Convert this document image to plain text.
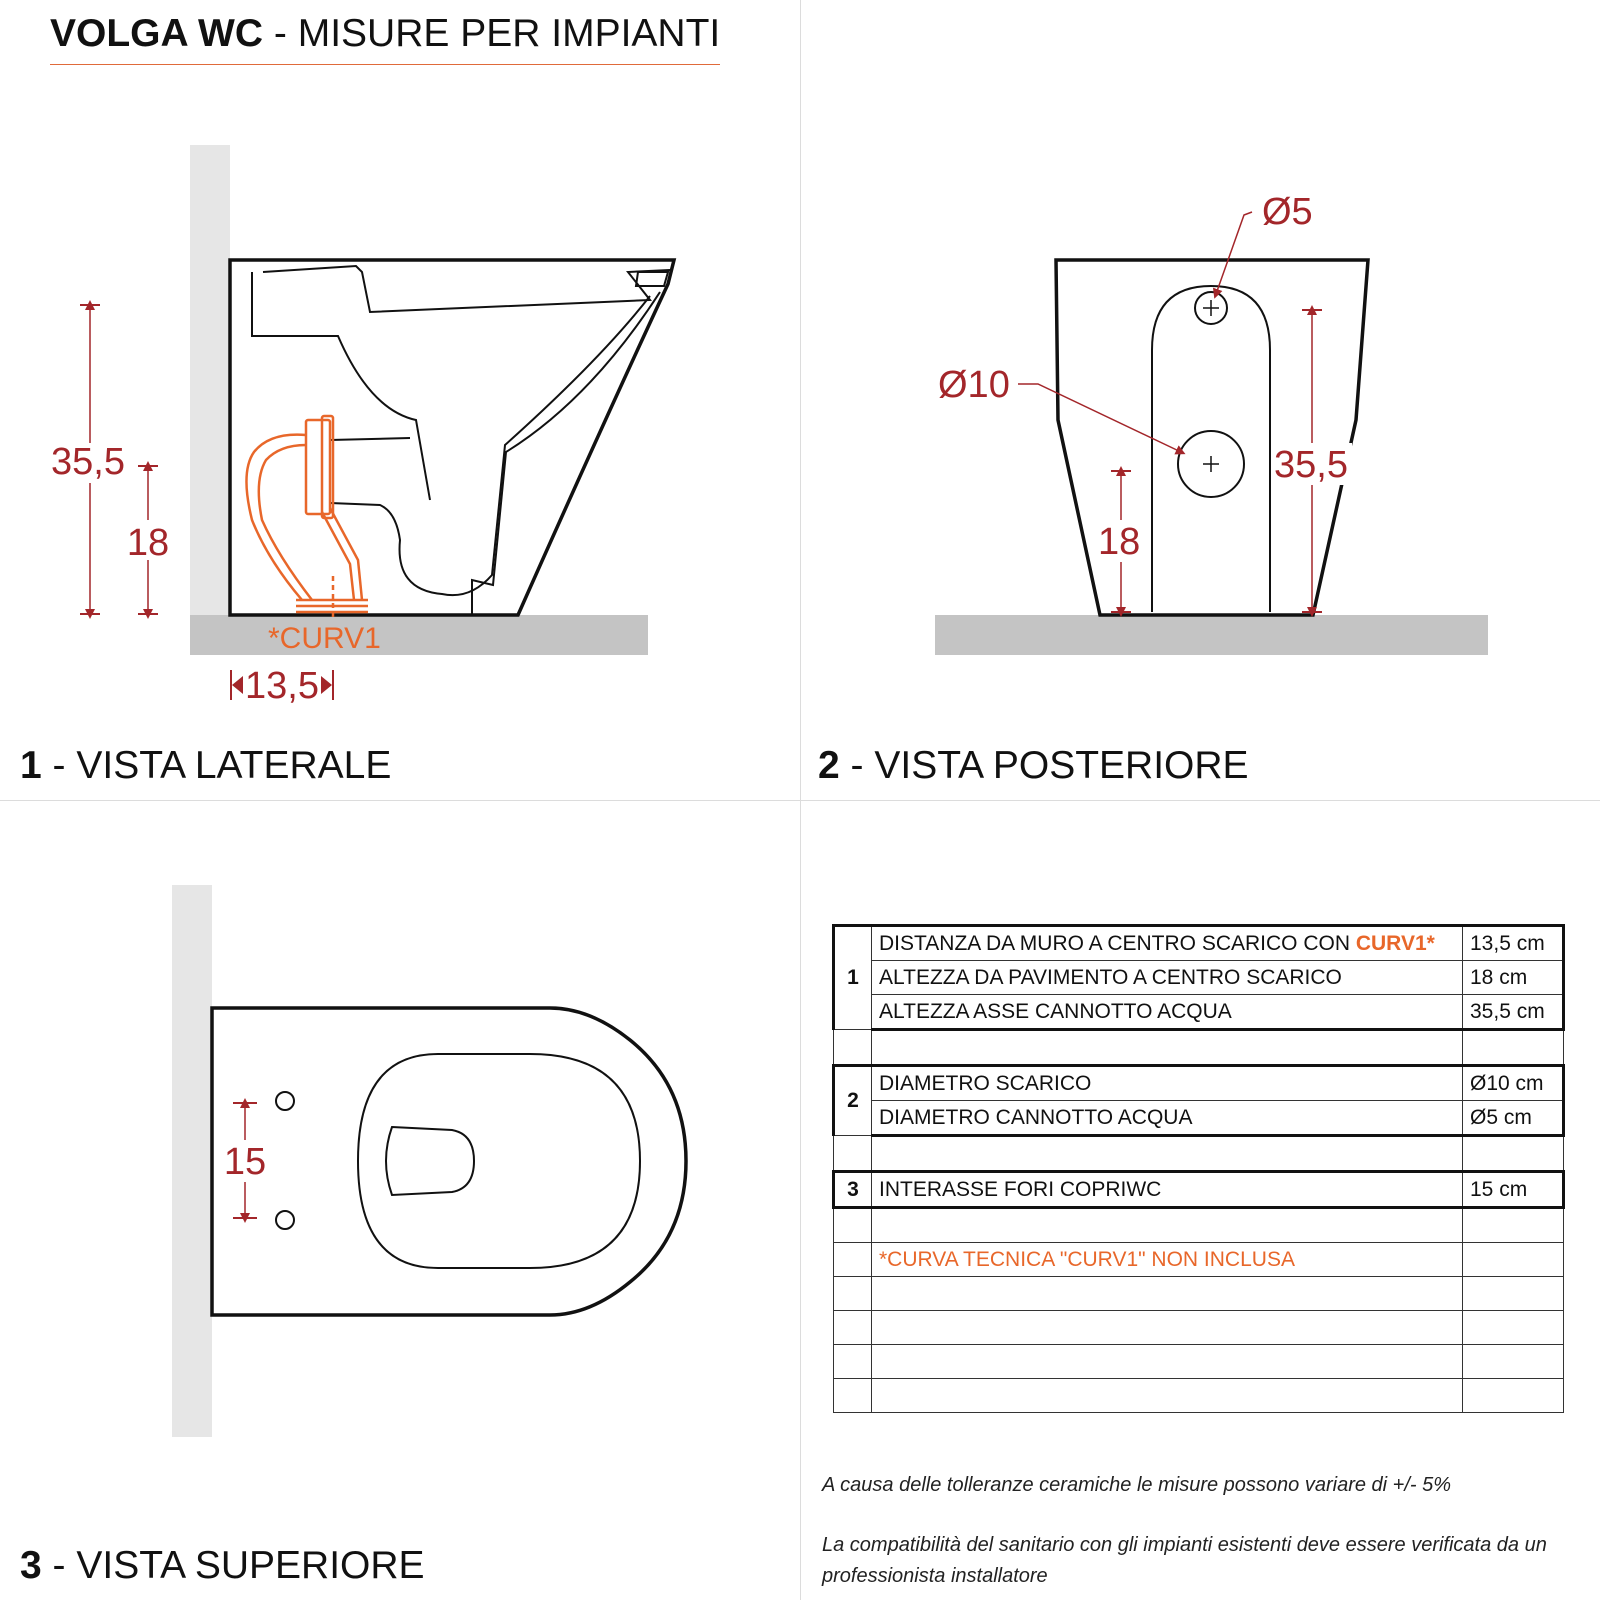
VOLGA WC - MISURE PER IMPIANTI
35,5
18
*CURV1
13,5
1 - VISTA LATERALE
Ø5
Ø10
35,5
18
2 - VISTA POSTERIORE
15
3 - VISTA SUPERIORE
1	DISTANZA DA MURO A CENTRO SCARICO CON CURV1*	13,5 cm
	ALTEZZA DA PAVIMENTO A CENTRO SCARICO	18 cm
	ALTEZZA ASSE CANNOTTO ACQUA	35,5 cm

2	DIAMETRO SCARICO	Ø10 cm
	DIAMETRO CANNOTTO ACQUA	Ø5 cm

3	INTERASSE FORI COPRIWC	15 cm

	*CURVA TECNICA "CURV1" NON INCLUSA	

A causa delle tolleranze ceramiche le misure possono variare di +/- 5%
La compatibilità del sanitario con gli impianti esistenti deve essere verificata da un professionista installatore
